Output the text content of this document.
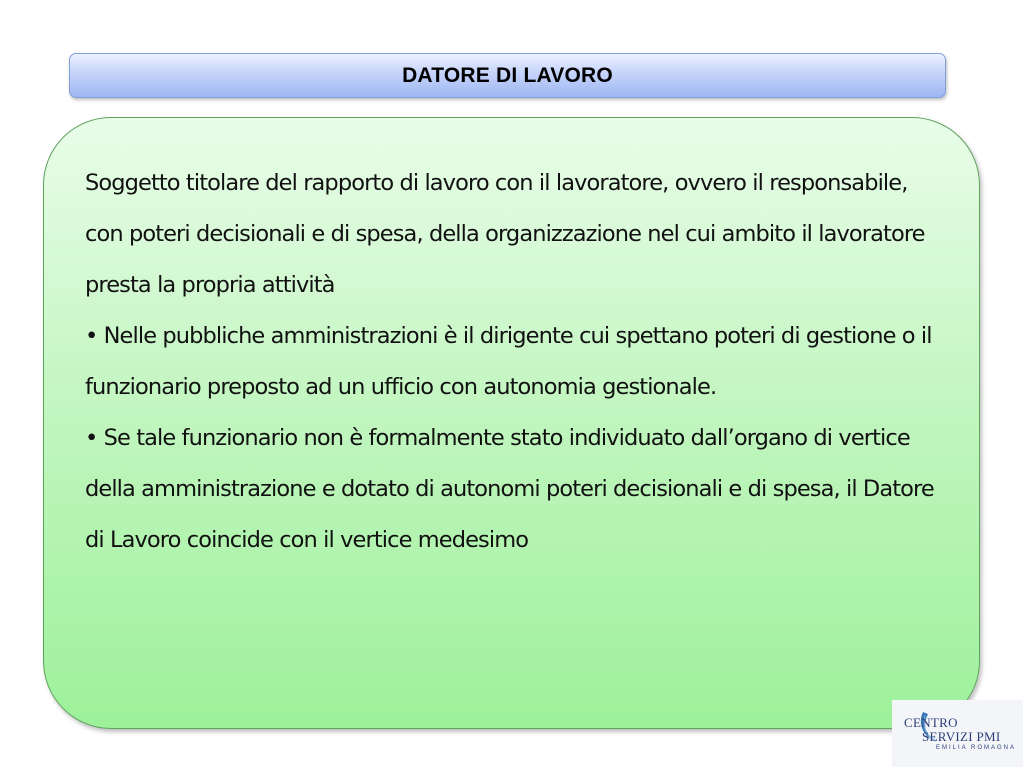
DATORE DI LAVORO

Soggetto titolare del rapporto di lavoro con il lavoratore, ovvero il responsabile, con poteri decisionali e di spesa, della organizzazione nel cui ambito il lavoratore presta la propria attività

• Nelle pubbliche amministrazioni è il dirigente cui spettano poteri di gestione o il funzionario preposto ad un ufficio con autonomia gestionale.

• Se tale funzionario non è formalmente stato individuato dall’organo di vertice della amministrazione e dotato di autonomi poteri decisionali e di spesa, il Datore di Lavoro coincide con il vertice medesimo

CENTRO
SERVIZI PMI
EMILIA ROMAGNA
